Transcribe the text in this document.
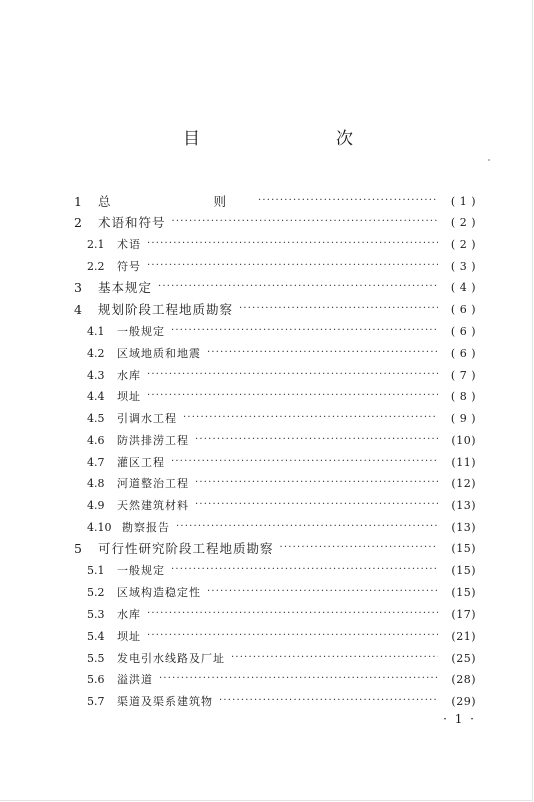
目　　次
1	总　　则 ·····	( 1 )
2	术语和符号 ·····	( 2 )
2.1	术语 ·····	( 2 )
2.2	符号 ·····	( 3 )
3	基本规定 ·····	( 4 )
4	规划阶段工程地质勘察 ·····	( 6 )
4.1	一般规定 ·····	( 6 )
4.2	区域地质和地震 ·····	( 6 )
4.3	水库 ·····	( 7 )
4.4	坝址 ·····	( 8 )
4.5	引调水工程 ·····	( 9 )
4.6	防洪排涝工程 ·····	(10)
4.7	灌区工程 ·····	(11)
4.8	河道整治工程 ·····	(12)
4.9	天然建筑材料 ·····	(13)
4.10 勘察报告 ·····	(13)
5	可行性研究阶段工程地质勘察 ·····	(15)
5.1	一般规定 ·····	(15)
5.2	区域构造稳定性 ·····	(15)
5.3	水库 ·····	(17)
5.4	坝址 ·····	(21)
5.5	发电引水线路及厂址 ·····	(25)
5.6	溢洪道 ·····	(28)
5.7	渠道及渠系建筑物 ·····	(29)
· 1 ·
